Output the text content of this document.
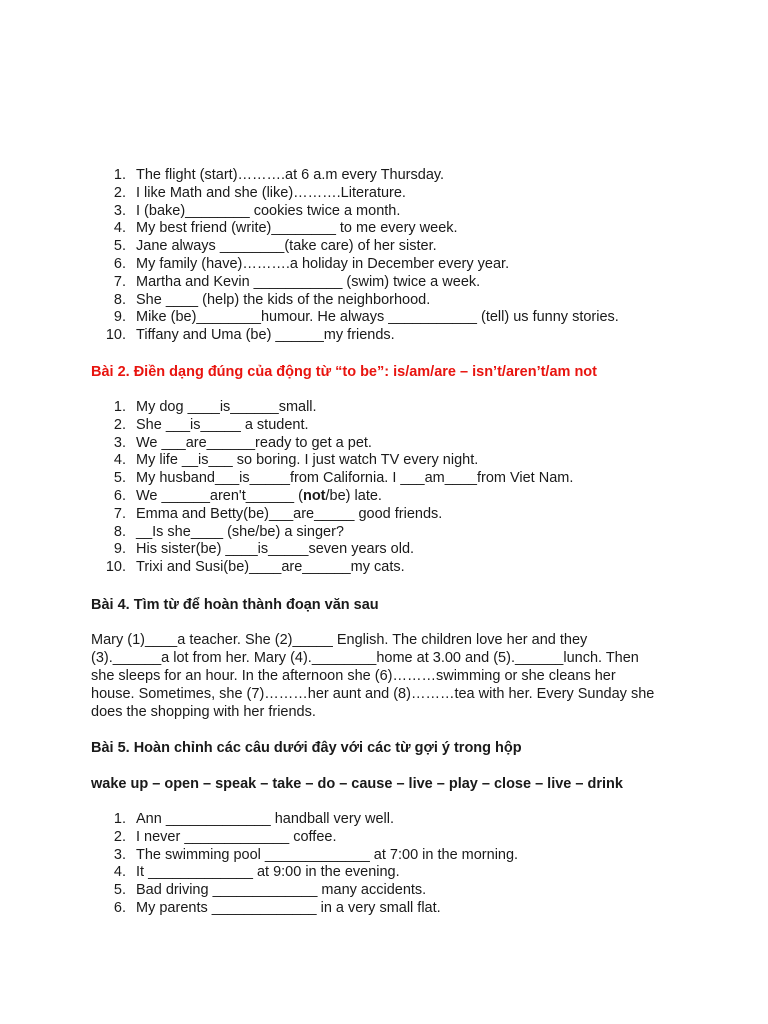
1. The flight (start)……….at 6 a.m every Thursday.
2. I like Math and she (like)……….Literature.
3. I (bake)________ cookies twice a month.
4. My best friend (write)________ to me every week.
5. Jane always ________(take care) of her sister.
6. My family (have)……….a holiday in December every year.
7. Martha and Kevin ___________ (swim) twice a week.
8. She ____ (help) the kids of the neighborhood.
9. Mike (be)________humour. He always ___________ (tell) us funny stories.
10. Tiffany and Uma (be) ______my friends.
Bài 2. Điền dạng đúng của động từ “to be”: is/am/are – isn’t/aren’t/am not
1. My dog ____is______small.
2. She ___is_____ a student.
3. We ___are______ready to get a pet.
4. My life __is___ so boring. I just watch TV every night.
5. My husband___is_____from California. I ___am____from Viet Nam.
6. We ______aren't______ (not/be) late.
7. Emma and Betty(be)___are_____ good friends.
8. __Is she____ (she/be) a singer?
9. His sister(be) ____is_____seven years old.
10. Trixi and Susi(be)____are______my cats.
Bài 4. Tìm từ để hoàn thành đoạn văn sau
Mary (1)____a teacher. She (2)_____ English. The children love her and they
(3).______a lot from her. Mary (4).________home at 3.00 and (5).______lunch. Then
she sleeps for an hour. In the afternoon she (6)………swimming or she cleans her
house. Sometimes, she (7)………her aunt and (8)………tea with her. Every Sunday she
does the shopping with her friends.
Bài 5. Hoàn chỉnh các câu dưới đây với các từ gợi ý trong hộp
wake up – open – speak – take – do – cause – live – play – close – live – drink
1. Ann _____________ handball very well.
2. I never _____________ coffee.
3. The swimming pool _____________ at 7:00 in the morning.
4. It _____________ at 9:00 in the evening.
5. Bad driving _____________ many accidents.
6. My parents _____________ in a very small flat.
